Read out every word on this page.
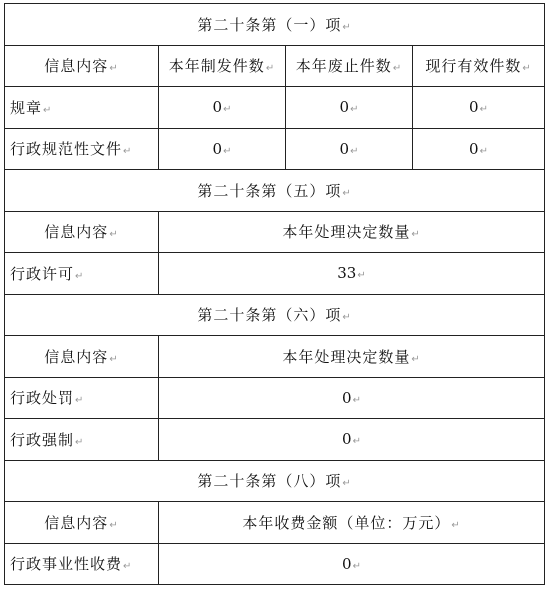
第二十条第（一）项↵			
信息内容↵	本年制发件数↵	本年废止件数↵	现行有效件数↵
规章↵	0↵	0↵	0↵
行政规范性文件↵	0↵	0↵	0↵
第二十条第（五）项↵			
信息内容↵	本年处理决定数量↵		
行政许可↵	33↵		
第二十条第（六）项↵			
信息内容↵	本年处理决定数量↵		
行政处罚↵	0↵		
行政强制↵	0↵		
第二十条第（八）项↵			
信息内容↵	本年收费金额（单位：万元）↵		
行政事业性收费↵	0↵		
